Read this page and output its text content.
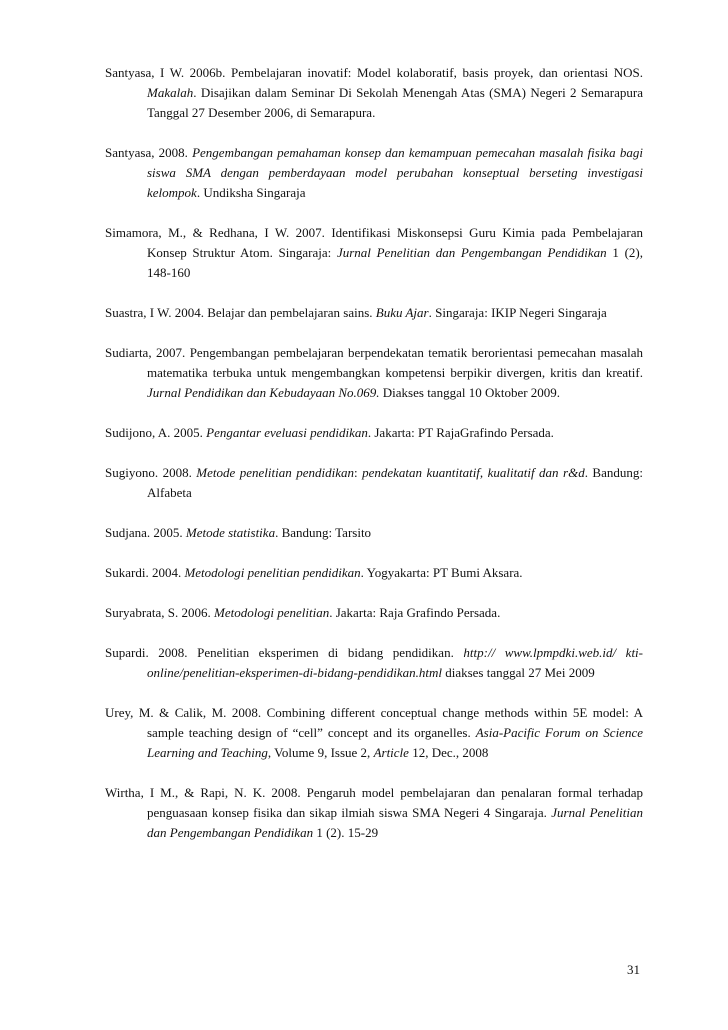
Santyasa, I W. 2006b. Pembelajaran inovatif: Model kolaboratif, basis proyek, dan orientasi NOS. Makalah. Disajikan dalam Seminar Di Sekolah Menengah Atas (SMA) Negeri 2 Semarapura Tanggal 27 Desember 2006, di Semarapura.

Santyasa, 2008. Pengembangan pemahaman konsep dan kemampuan pemecahan masalah fisika bagi siswa SMA dengan pemberdayaan model perubahan konseptual berseting investigasi kelompok. Undiksha Singaraja

Simamora, M., & Redhana, I W. 2007. Identifikasi Miskonsepsi Guru Kimia pada Pembelajaran Konsep Struktur Atom. Singaraja: Jurnal Penelitian dan Pengembangan Pendidikan 1 (2), 148-160

Suastra, I W. 2004. Belajar dan pembelajaran sains. Buku Ajar. Singaraja: IKIP Negeri Singaraja

Sudiarta, 2007. Pengembangan pembelajaran berpendekatan tematik berorientasi pemecahan masalah matematika terbuka untuk mengembangkan kompetensi berpikir divergen, kritis dan kreatif. Jurnal Pendidikan dan Kebudayaan No.069. Diakses tanggal 10 Oktober 2009.

Sudijono, A. 2005. Pengantar eveluasi pendidikan. Jakarta: PT RajaGrafindo Persada.

Sugiyono. 2008. Metode penelitian pendidikan: pendekatan kuantitatif, kualitatif dan r&d. Bandung: Alfabeta

Sudjana. 2005. Metode statistika. Bandung: Tarsito

Sukardi. 2004. Metodologi penelitian pendidikan. Yogyakarta: PT Bumi Aksara.

Suryabrata, S. 2006. Metodologi penelitian. Jakarta: Raja Grafindo Persada.

Supardi. 2008. Penelitian eksperimen di bidang pendidikan. http:// www.lpmpdki.web.id/ kti-online/penelitian-eksperimen-di-bidang-pendidikan.html diakses tanggal 27 Mei 2009

Urey, M. & Calik, M. 2008. Combining different conceptual change methods within 5E model: A sample teaching design of “cell” concept and its organelles. Asia-Pacific Forum on Science Learning and Teaching, Volume 9, Issue 2, Article 12, Dec., 2008

Wirtha, I M., & Rapi, N. K. 2008. Pengaruh model pembelajaran dan penalaran formal terhadap penguasaan konsep fisika dan sikap ilmiah siswa SMA Negeri 4 Singaraja. Jurnal Penelitian dan Pengembangan Pendidikan 1 (2). 15-29

31
